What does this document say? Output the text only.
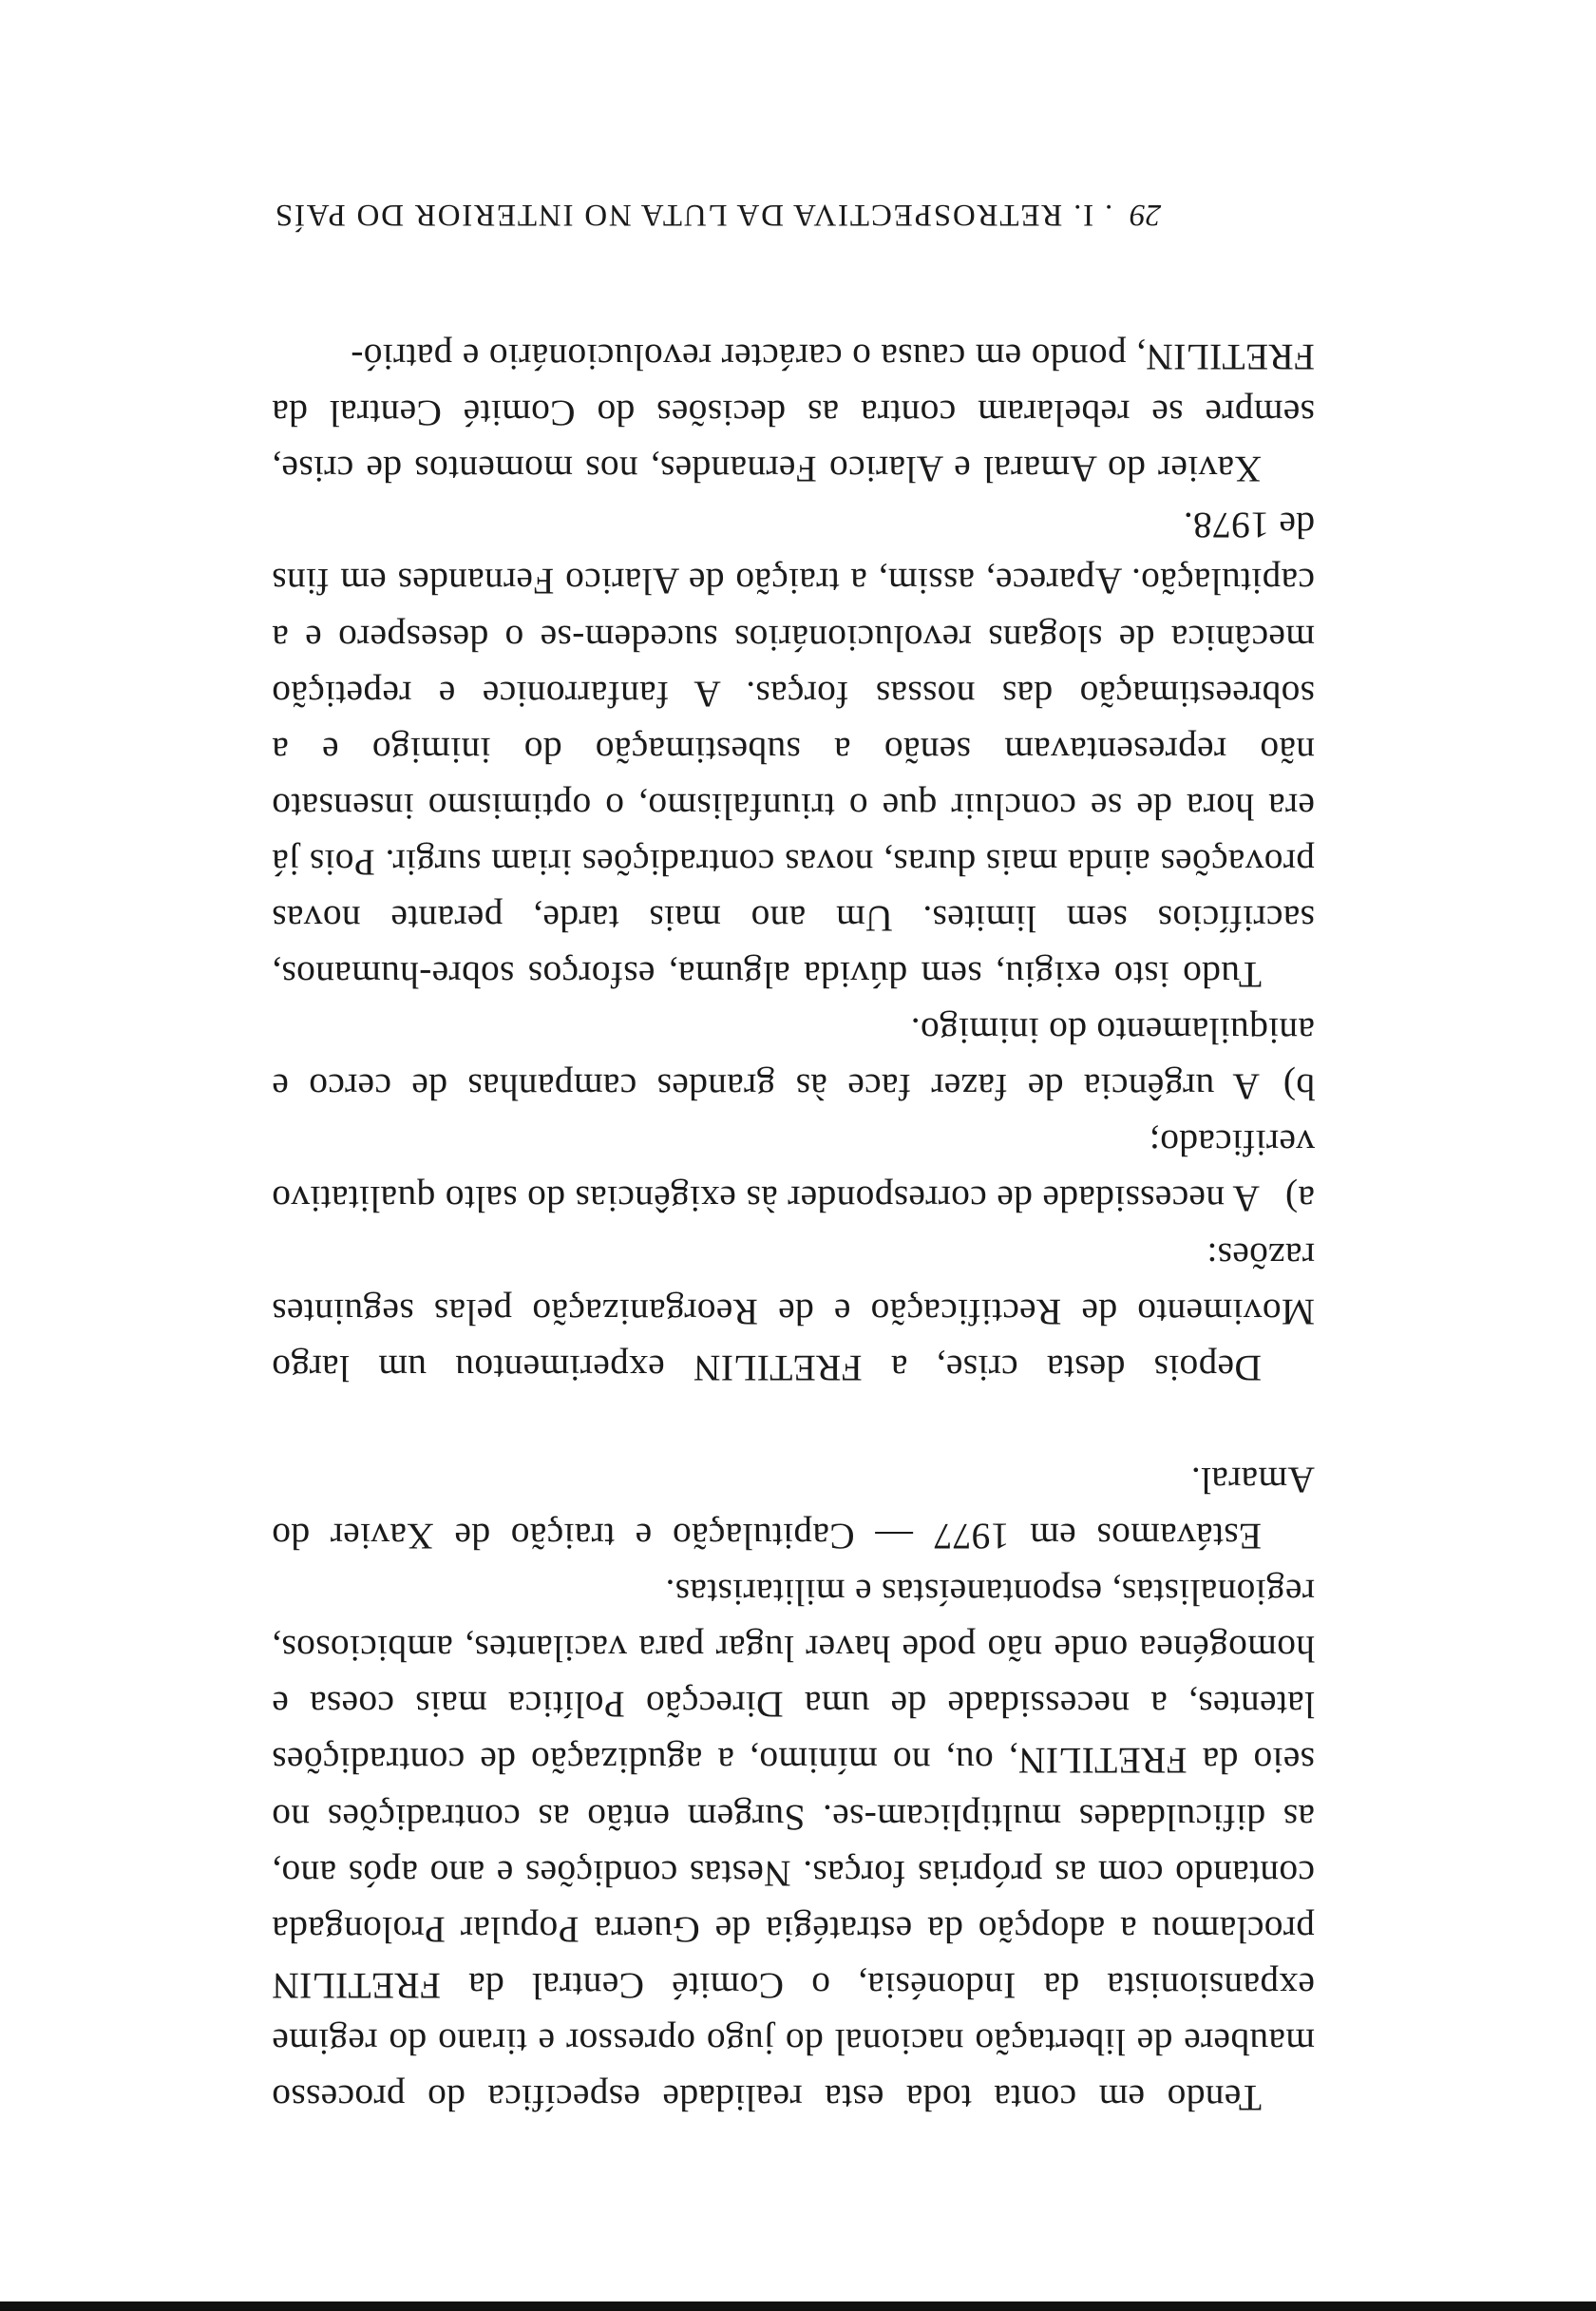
Tendo em conta toda esta realidade específica do processo maubere de libertação nacional do jugo opressor e tirano do regime expansionista da Indonésia, o Comité Central da FRETILIN proclamou a adopção da estratégia de Guerra Popular Prolongada contando com as próprias forças. Nestas condições e ano após ano, as dificuldades multiplicam-se. Surgem então as contradições no seio da FRETILIN, ou, no mínimo, a agudização de contradições latentes, a necessidade de uma Direcção Política mais coesa e homogénea onde não pode haver lugar para vacilantes, ambiciosos, regionalistas, espontaneístas e militaristas.

Estávamos em 1977 — Capitulação e traição de Xavier do Amaral.

Depois desta crise, a FRETILIN experimentou um largo Movimento de Rectificação e de Reorganização pelas seguintes razões:

a)A necessidade de corresponder às exigências do salto qualitativo verificado;

b)A urgência de fazer face às grandes campanhas de cerco e aniquilamento do inimigo.

Tudo isto exigiu, sem dúvida alguma, esforços sobre-humanos, sacrifícios sem limites. Um ano mais tarde, perante novas provações ainda mais duras, novas contradições iriam surgir. Pois já era hora de se concluir que o triunfalismo, o optimismo insensato não representavam senão a subestimação do inimigo e a sobreestimação das nossas forças. A fanfarronice e repetição mecânica de slogans revolucionários sucedem-se o desespero e a capitulação. Aparece, assim, a traição de Alarico Fernandes em fins de 1978.

Xavier do Amaral e Alarico Fernandes, nos momentos de crise, sempre se rebelaram contra as decisões do Comité Central da FRETILIN, pondo em causa o carácter revolucionário e patrió-

29. I. RETROSPECTIVA DA LUTA NO INTERIOR DO PAÍS
